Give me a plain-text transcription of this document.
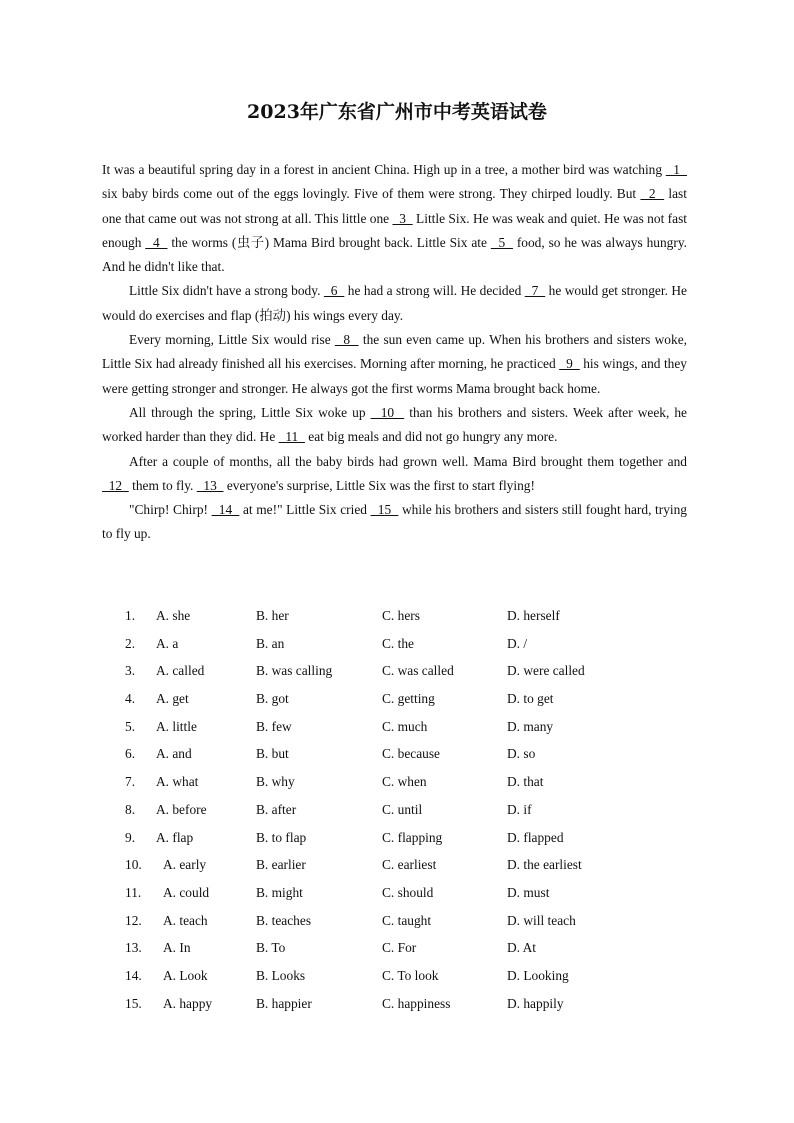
2023年广东省广州市中考英语试卷

It was a beautiful spring day in a forest in ancient China. High up in a tree, a mother bird was watching   1   six baby birds come out of the eggs lovingly. Five of them were strong. They chirped loudly. But   2   last one that came out was not strong at all. This little one   3   Little Six. He was weak and quiet. He was not fast enough   4   the worms (虫子) Mama Bird brought back. Little Six ate   5   food, so he was always hungry. And he didn't like that.

Little Six didn't have a strong body.   6   he had a strong will. He decided   7   he would get stronger. He would do exercises and flap (拍动) his wings every day.

Every morning, Little Six would rise   8   the sun even came up. When his brothers and sisters woke, Little Six had already finished all his exercises. Morning after morning, he practiced   9   his wings, and they were getting stronger and stronger. He always got the first worms Mama brought back home.

All through the spring, Little Six woke up   10   than his brothers and sisters. Week after week, he worked harder than they did. He   11   eat big meals and did not go hungry any more.

After a couple of months, all the baby birds had grown well. Mama Bird brought them together and   12   them to fly.   13   everyone's surprise, Little Six was the first to start flying!

"Chirp! Chirp!   14   at me!" Little Six cried   15   while his brothers and sisters still fought hard, trying to fly up.

1. A. she	B. her	C. hers	D. herself
2. A. a	B. an	C. the	D. /
3. A. called	B. was calling	C. was called	D. were called
4. A. get	B. got	C. getting	D. to get
5. A. little	B. few	C. much	D. many
6. A. and	B. but	C. because	D. so
7. A. what	B. why	C. when	D. that
8. A. before	B. after	C. until	D. if
9. A. flap	B. to flap	C. flapping	D. flapped
10. A. early	B. earlier	C. earliest	D. the earliest
11. A. could	B. might	C. should	D. must
12. A. teach	B. teaches	C. taught	D. will teach
13. A. In	B. To	C. For	D. At
14. A. Look	B. Looks	C. To look	D. Looking
15. A. happy	B. happier	C. happiness	D. happily
